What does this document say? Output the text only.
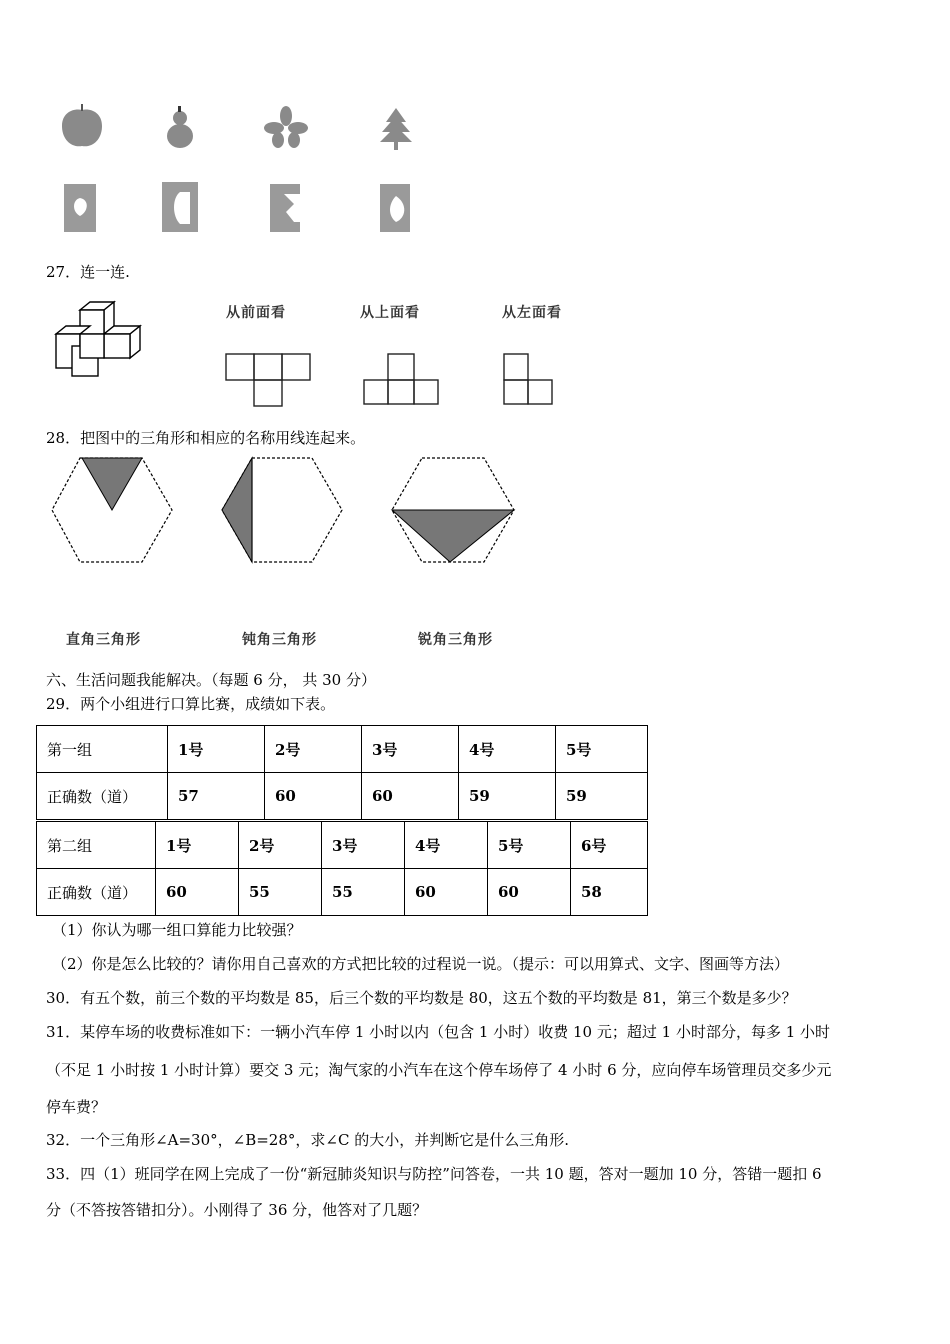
27．连一连.
从前面看	从上面看	从左面看
28．把图中的三角形和相应的名称用线连起来。
直角三角形	钝角三角形	锐角三角形
六、生活问题我能解决。（每题 6 分， 共 30 分）
29．两个小组进行口算比赛，成绩如下表。
第一组	1号	2号	3号	4号	5号
正确数（道）	57	60	60	59	59
第二组	1号	2号	3号	4号	5号	6号
正确数（道）	60	55	55	60	60	58
（1）你认为哪一组口算能力比较强？
（2）你是怎么比较的？请你用自己喜欢的方式把比较的过程说一说。（提示：可以用算式、文字、图画等方法）
30．有五个数，前三个数的平均数是 85，后三个数的平均数是 80，这五个数的平均数是 81，第三个数是多少？
31．某停车场的收费标准如下：一辆小汽车停 1 小时以内（包含 1 小时）收费 10 元；超过 1 小时部分，每多 1 小时
（不足 1 小时按 1 小时计算）要交 3 元；淘气家的小汽车在这个停车场停了 4 小时 6 分，应向停车场管理员交多少元
停车费？
32．一个三角形∠A=30°，∠B=28°，求∠C 的大小，并判断它是什么三角形.
33．四（1）班同学在网上完成了一份“新冠肺炎知识与防控”问答卷，一共 10 题，答对一题加 10 分，答错一题扣 6
分（不答按答错扣分）。小刚得了 36 分，他答对了几题？
